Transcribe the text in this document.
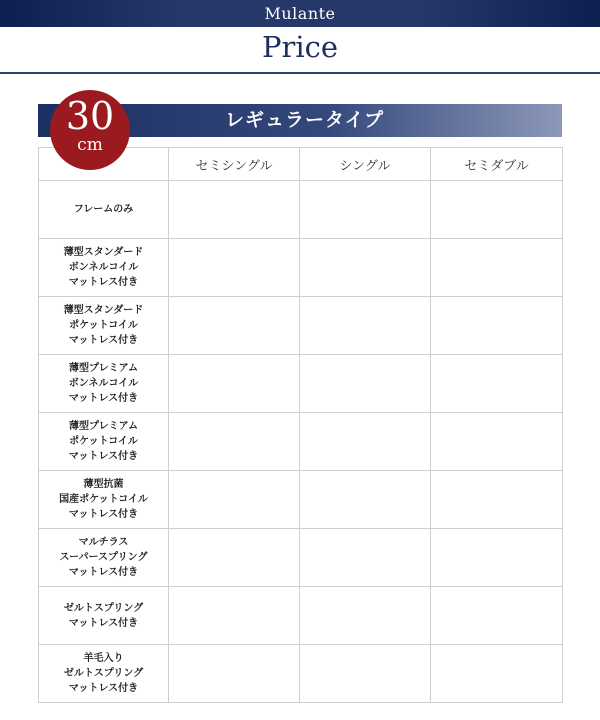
Mulante
Price
レギュラータイプ
30
cm
	セミシングル	シングル	セミダブル

フレームのみ			

薄型スタンダード
ボンネルコイル
マットレス付き			

薄型スタンダード
ポケットコイル
マットレス付き			

薄型プレミアム
ボンネルコイル
マットレス付き			

薄型プレミアム
ポケットコイル
マットレス付き			

薄型抗菌
国産ポケットコイル
マットレス付き			

マルチラス
スーパースプリング
マットレス付き			

ゼルトスプリング
マットレス付き			

羊毛入り
ゼルトスプリング
マットレス付き			
